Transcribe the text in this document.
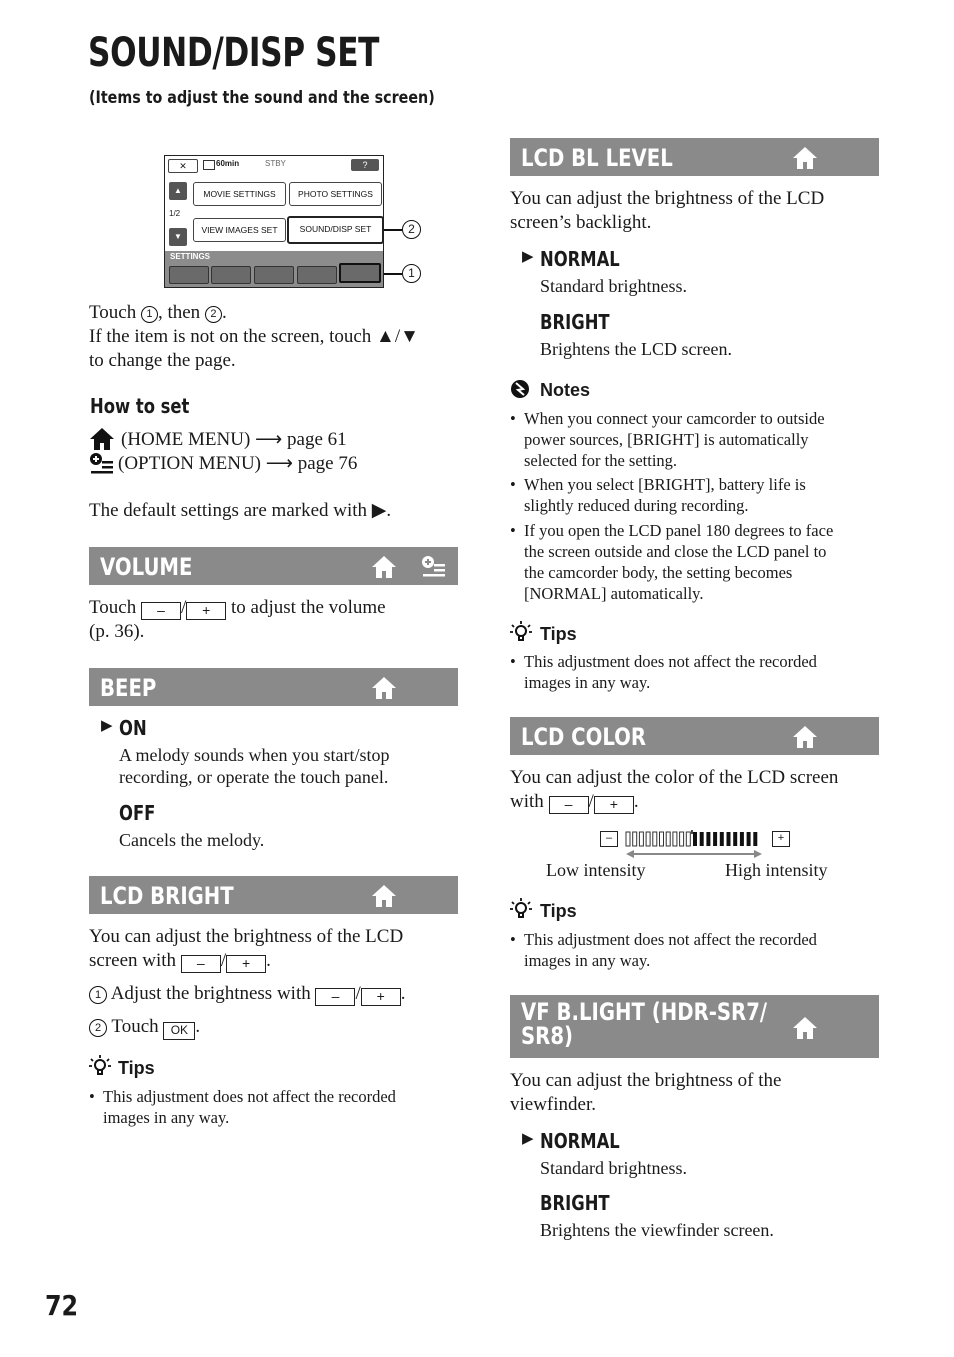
SOUND/DISP SET
(Items to adjust the sound and the screen)
✕	60min	STBY	?
▲
1/2
▼
MOVIE SETTINGS	PHOTO SETTINGS
VIEW IMAGES SET	SOUND/DISP SET
SETTINGS
2
1
Touch 1 , then 2 .
If the item is not on the screen, touch ▲/▼
to change the page.
How to set
(HOME MENU) ⟶ page 61
(OPTION MENU) ⟶ page 76
The default settings are marked with ▶.
VOLUME
Touch – / + to adjust the volume
(p. 36).
BEEP
▶ ON
A melody sounds when you start/stop
recording, or operate the touch panel.
OFF
Cancels the melody.
LCD BRIGHT
You can adjust the brightness of the LCD
screen with – / + .
1 Adjust the brightness with – / + .
2 Touch OK .
Tips
• This adjustment does not affect the recorded
images in any way.
LCD BL LEVEL
You can adjust the brightness of the LCD
screen’s backlight.
▶ NORMAL
Standard brightness.
BRIGHT
Brightens the LCD screen.
Notes
• When you connect your camcorder to outside
power sources, [BRIGHT] is automatically
selected for the setting.
• When you select [BRIGHT], battery life is
slightly reduced during recording.
• If you open the LCD panel 180 degrees to face
the screen outside and close the LCD panel to
the camcorder body, the setting becomes
[NORMAL] automatically.
Tips
• This adjustment does not affect the recorded
images in any way.
LCD COLOR
You can adjust the color of the LCD screen
with – / + .
–	+
Low intensity	High intensity
Tips
• This adjustment does not affect the recorded
images in any way.
VF B.LIGHT (HDR-SR7/
SR8)
You can adjust the brightness of the
viewfinder.
▶ NORMAL
Standard brightness.
BRIGHT
Brightens the viewfinder screen.
72
